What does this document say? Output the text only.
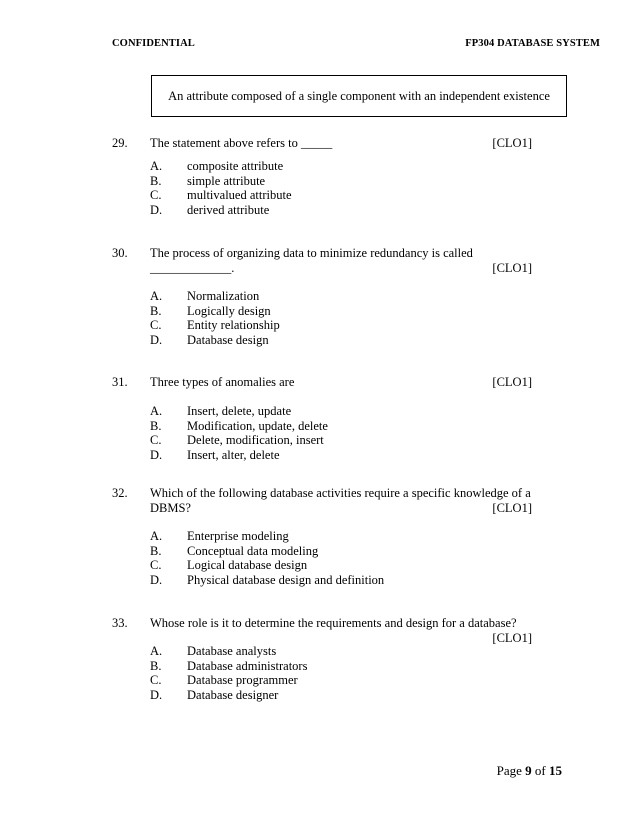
CONFIDENTIAL	FP304 DATABASE SYSTEM
An attribute composed of a single component with an independent existence
29. The statement above refers to _____	[CLO1]
A. composite attribute
B. simple attribute
C. multivalued attribute
D. derived attribute
30. The process of organizing data to minimize redundancy is called
_____________.	[CLO1]
A. Normalization
B. Logically design
C. Entity relationship
D. Database design
31. Three types of anomalies are	[CLO1]
A. Insert, delete, update
B. Modification, update, delete
C. Delete, modification, insert
D. Insert, alter, delete
32. Which of the following database activities require a specific knowledge of a
DBMS?	[CLO1]
A. Enterprise modeling
B. Conceptual data modeling
C. Logical database design
D. Physical database design and definition
33. Whose role is it to determine the requirements and design for a database?
[CLO1]
A. Database analysts
B. Database administrators
C. Database programmer
D. Database designer
Page 9 of 15
